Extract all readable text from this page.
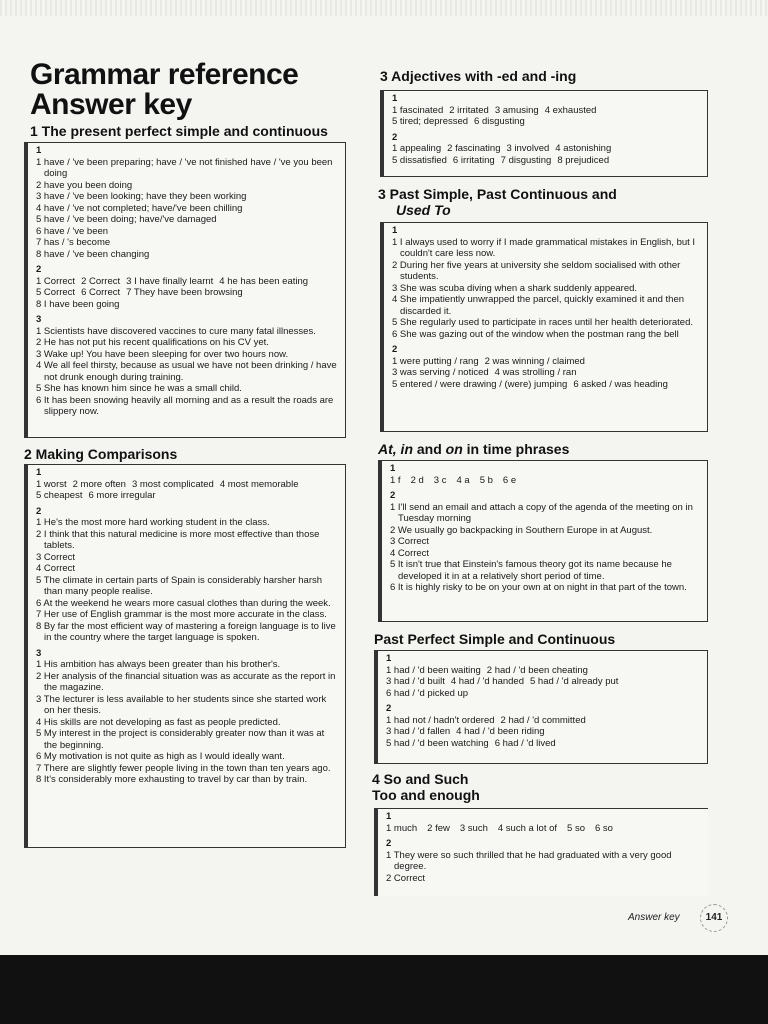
Grammar reference
Answer key
1 The present perfect simple and continuous

1

1 have / 've been preparing; have / 've not finished have / 've you been doing

2 have you been doing

3 have / 've been looking; have they been working

4 have / 've not completed; have/'ve been chilling

5 have / 've been doing; have/'ve damaged

6 have / 've been

7 has / 's become

8 have / 've been changing

2

1 Correct 2 Correct 3 I have finally learnt 4 he has been eating

5 Correct 6 Correct 7 They have been browsing

8 I have been going

3

1 Scientists have discovered vaccines to cure many fatal illnesses.

2 He has not put his recent qualifications on his CV yet.

3 Wake up! You have been sleeping for over two hours now.

4 We all feel thirsty, because as usual we have not been drinking / have not drunk enough during training.

5 She has known him since he was a small child.

6 It has been snowing heavily all morning and as a result the roads are slippery now.

2 Making Comparisons

1

1 worst 2 more often 3 most complicated 4 most memorable

5 cheapest 6 more irregular

2

1 He's the most more hard working student in the class.

2 I think that this natural medicine is more most effective than those tablets.

3 Correct

4 Correct

5 The climate in certain parts of Spain is considerably harsher harsh than many people realise.

6 At the weekend he wears more casual clothes than during the week.

7 Her use of English grammar is the most more accurate in the class.

8 By far the most efficient way of mastering a foreign language is to live in the country where the target language is spoken.

3

1 His ambition has always been greater than his brother's.

2 Her analysis of the financial situation was as accurate as the report in the magazine.

3 The lecturer is less available to her students since she started work on her thesis.

4 His skills are not developing as fast as people predicted.

5 My interest in the project is considerably greater now than it was at the beginning.

6 My motivation is not quite as high as I would ideally want.

7 There are slightly fewer people living in the town than ten years ago.

8 It's considerably more exhausting to travel by car than by train.

3 Adjectives with -ed and -ing

1

1 fascinated 2 irritated 3 amusing 4 exhausted

5 tired; depressed 6 disgusting

2

1 appealing 2 fascinating 3 involved 4 astonishing

5 dissatisfied 6 irritating 7 disgusting 8 prejudiced

3 Past Simple, Past Continuous and
Used To

1

1 I always used to worry if I made grammatical mistakes in English, but I couldn't care less now.

2 During her five years at university she seldom socialised with other students.

3 She was scuba diving when a shark suddenly appeared.

4 She impatiently unwrapped the parcel, quickly examined it and then discarded it.

5 She regularly used to participate in races until her health deteriorated.

6 She was gazing out of the window when the postman rang the bell

2

1 were putting / rang 2 was winning / claimed

3 was serving / noticed 4 was strolling / ran

5 entered / were drawing / (were) jumping 6 asked / was heading

At, in and on in time phrases

1

1 f 2 d 3 c 4 a 5 b 6 e

2

1 I'll send an email and attach a copy of the agenda of the meeting on in Tuesday morning

2 We usually go backpacking in Southern Europe in at August.

3 Correct

4 Correct

5 It isn't true that Einstein's famous theory got its name because he developed it in at a relatively short period of time.

6 It is highly risky to be on your own at on night in that part of the town.

Past Perfect Simple and Continuous

1

1 had / 'd been waiting 2 had / 'd been cheating

3 had / 'd built 4 had / 'd handed 5 had / 'd already put

6 had / 'd picked up

2

1 had not / hadn't ordered 2 had / 'd committed

3 had / 'd fallen 4 had / 'd been riding

5 had / 'd been watching 6 had / 'd lived

4 So and Such
Too and enough

1

1 much 2 few 3 such 4 such a lot of 5 so 6 so

2

1 They were so such thrilled that he had graduated with a very good degree.

2 Correct

Answer key	141
